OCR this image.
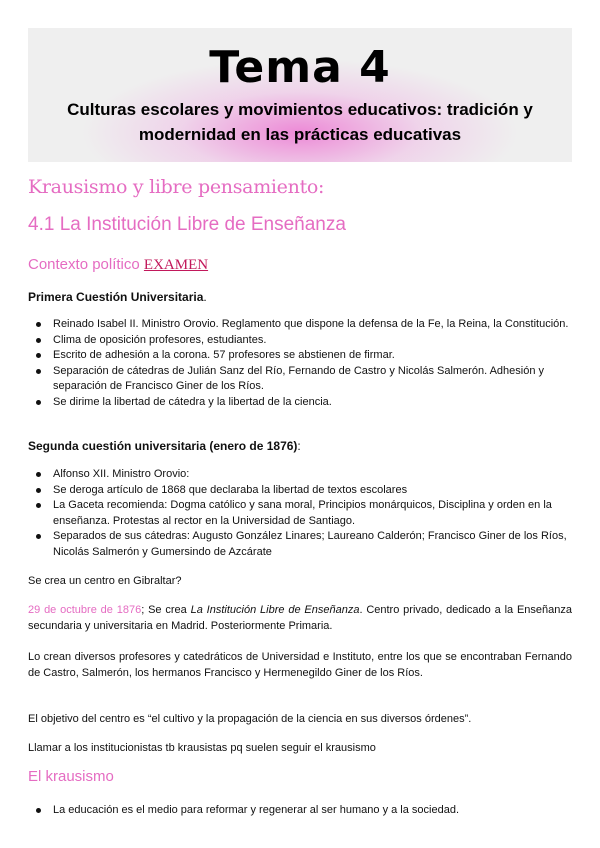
Tema 4
Culturas escolares y movimientos educativos: tradición y modernidad en las prácticas educativas
Krausismo y libre pensamiento:
4.1 La Institución Libre de Enseñanza
Contexto político EXAMEN
Primera Cuestión Universitaria.
Reinado Isabel II. Ministro Orovio. Reglamento que dispone la defensa de la Fe, la Reina, la Constitución.
Clima de oposición profesores, estudiantes.
Escrito de adhesión a la corona. 57 profesores se abstienen de firmar.
Separación de cátedras de Julián Sanz del Río, Fernando de Castro y Nicolás Salmerón. Adhesión y separación de Francisco Giner de los Ríos.
Se dirime la libertad de cátedra y la libertad de la ciencia.
Segunda cuestión universitaria (enero de 1876):
Alfonso XII. Ministro Orovio:
Se deroga artículo de 1868 que declaraba la libertad de textos escolares
La Gaceta recomienda: Dogma católico y sana moral, Principios monárquicos, Disciplina y orden en la enseñanza. Protestas al rector en la Universidad de Santiago.
Separados de sus cátedras: Augusto González Linares; Laureano Calderón; Francisco Giner de los Ríos, Nicolás Salmerón y Gumersindo de Azcárate
Se crea un centro en Gibraltar?
29 de octubre de 1876; Se crea La Institución Libre de Enseñanza. Centro privado, dedicado a la Enseñanza secundaria y universitaria en Madrid. Posteriormente Primaria.
Lo crean diversos profesores y catedráticos de Universidad e Instituto, entre los que se encontraban Fernando de Castro, Salmerón, los hermanos Francisco y Hermenegildo Giner de los Ríos.
El objetivo del centro es “el cultivo y la propagación de la ciencia en sus diversos órdenes”.
Llamar a los institucionistas tb krausistas pq suelen seguir el krausismo
El krausismo
La educación es el medio para reformar y regenerar al ser humano y a la sociedad.
